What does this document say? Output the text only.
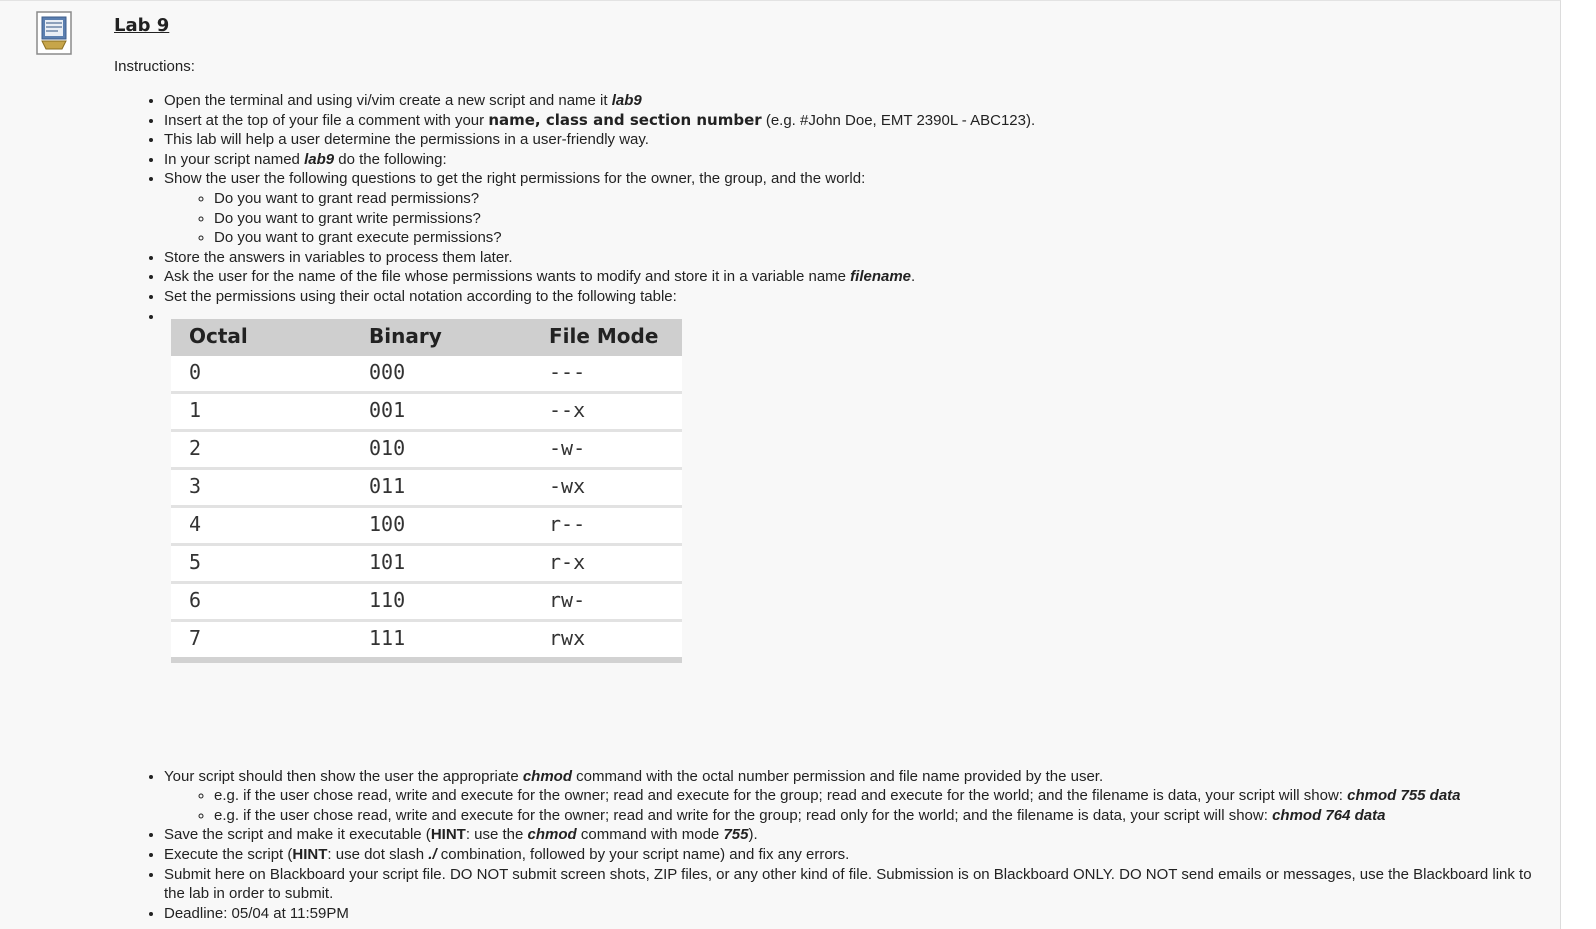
Lab 9
Instructions:
• Open the terminal and using vi/vim create a new script and name it lab9
• Insert at the top of your file a comment with your name, class and section number (e.g. #John Doe, EMT 2390L - ABC123).
• This lab will help a user determine the permissions in a user-friendly way.
• In your script named lab9 do the following:
• Show the user the following questions to get the right permissions for the owner, the group, and the world:
◦ Do you want to grant read permissions?
◦ Do you want to grant write permissions?
◦ Do you want to grant execute permissions?
• Store the answers in variables to process them later.
• Ask the user for the name of the file whose permissions wants to modify and store it in a variable name filename.
• Set the permissions using their octal notation according to the following table:
• Octal	Binary	File Mode
0	000	---
1	001	--x
2	010	-w-
3	011	-wx
4	100	r--
5	101	r-x
6	110	rw-
7	111	rwx
• Your script should then show the user the appropriate chmod command with the octal number permission and file name provided by the user.
◦ e.g. if the user chose read, write and execute for the owner; read and execute for the group; read and execute for the world; and the filename is data, your script will show: chmod 755 data
◦ e.g. if the user chose read, write and execute for the owner; read and write for the group; read only for the world; and the filename is data, your script will show: chmod 764 data
• Save the script and make it executable (HINT: use the chmod command with mode 755).
• Execute the script (HINT: use dot slash ./ combination, followed by your script name) and fix any errors.
• Submit here on Blackboard your script file. DO NOT submit screen shots, ZIP files, or any other kind of file. Submission is on Blackboard ONLY. DO NOT send emails or messages, use the Blackboard link to the lab in order to submit.
• Deadline: 05/04 at 11:59PM
